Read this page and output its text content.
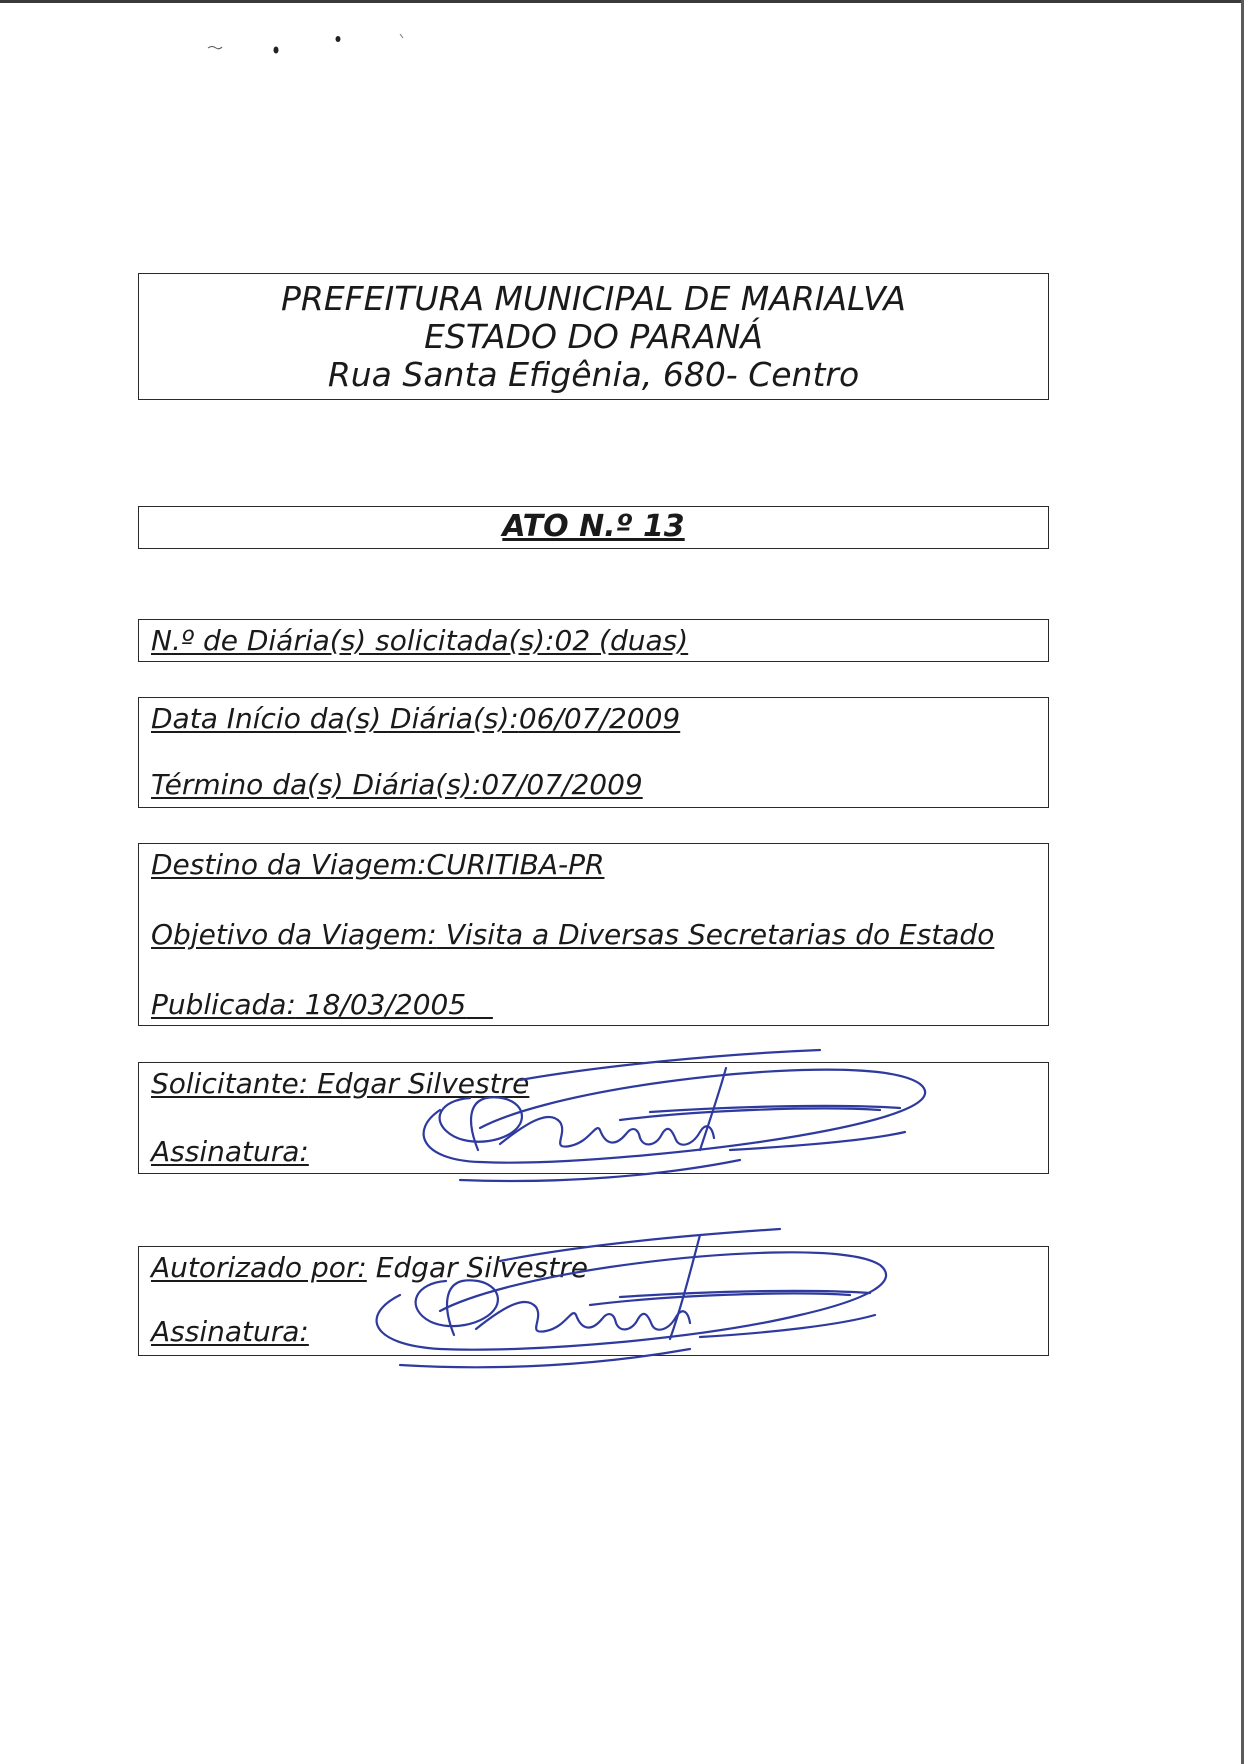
PREFEITURA MUNICIPAL DE MARIALVA
ESTADO DO PARANÁ
Rua Santa Efigênia, 680- Centro
ATO N.º 13
N.º de Diária(s) solicitada(s):02 (duas)
Data Início da(s) Diária(s):06/07/2009
Término da(s) Diária(s):07/07/2009
Destino da Viagem:CURITIBA-PR
Objetivo da Viagem: Visita a Diversas Secretarias do Estado
Publicada: 18/03/2005
Solicitante: Edgar Silvestre
Assinatura:
Autorizado por: Edgar Silvestre
Assinatura:
